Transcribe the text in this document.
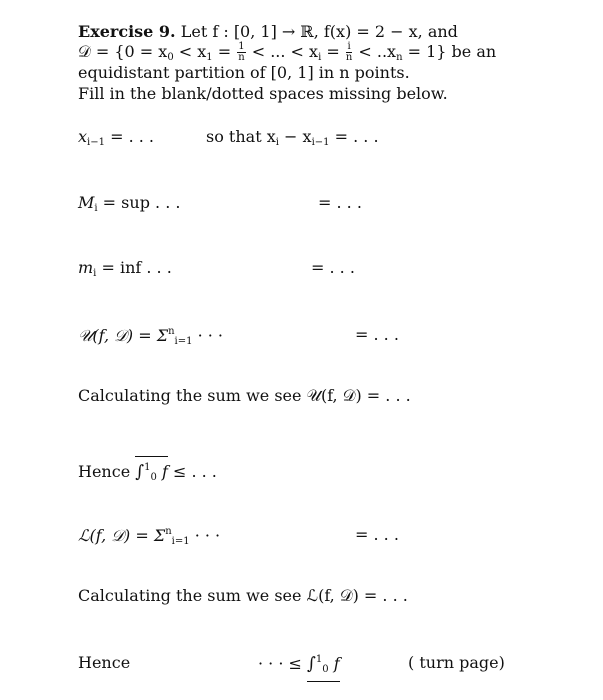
Exercise 9. Let f : [0, 1] → ℝ, f(x) = 2 − x, and
𝒟 = {$0 = x_0 < x_1 = \frac{1}{n}$ < ... < $x_i = \frac{i}{n} < ..x_n = 1$} be an
equidistant partition of [0, 1] in n points.
Fill in the blank/dotted spaces missing below.
$x_{i-1}$ = . . .	so that $x_i - x_{i-1}$ = . . .
$M_i$ = sup . . .	= . . .
$m_i$ = inf . . .	= . . .
𝒰(f, 𝒟) = $\Sigma^n_{i=1}$ · · ·	= . . .
Calculating the sum we see 𝒰(f, 𝒟) = . . .
Hence ∫$^1_0$ f ≤ . . .
ℒ(f, 𝒟) = $\Sigma^n_{i=1}$ · · ·	= . . .
Calculating the sum we see ℒ(f, 𝒟) = . . .
Hence	· · · ≤ ∫$^1_0$ f	( turn page)
